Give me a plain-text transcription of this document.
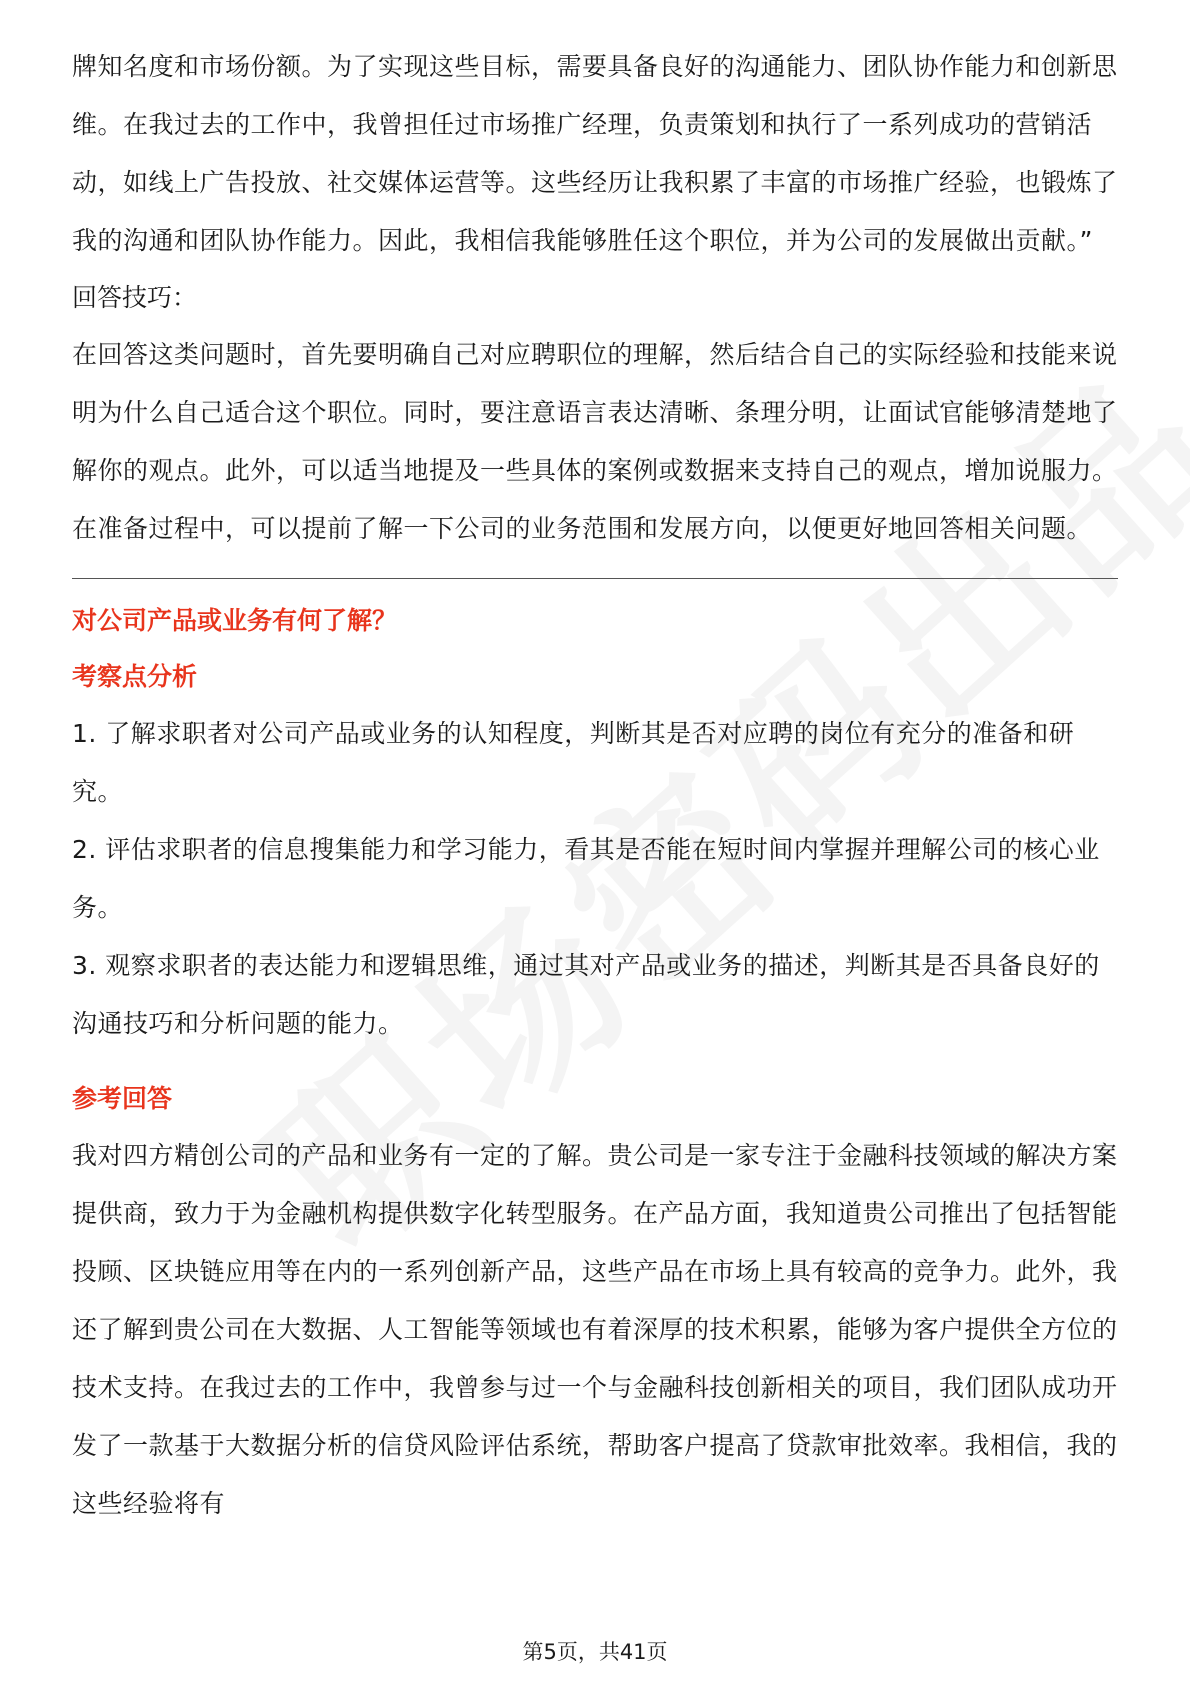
牌知名度和市场份额。为了实现这些目标，需要具备良好的沟通能力、团队协作能力和创新思维。在我过去的工作中，我曾担任过市场推广经理，负责策划和执行了一系列成功的营销活动，如线上广告投放、社交媒体运营等。这些经历让我积累了丰富的市场推广经验，也锻炼了我的沟通和团队协作能力。因此，我相信我能够胜任这个职位，并为公司的发展做出贡献。”

回答技巧：

在回答这类问题时，首先要明确自己对应聘职位的理解，然后结合自己的实际经验和技能来说明为什么自己适合这个职位。同时，要注意语言表达清晰、条理分明，让面试官能够清楚地了解你的观点。此外，可以适当地提及一些具体的案例或数据来支持自己的观点，增加说服力。在准备过程中，可以提前了解一下公司的业务范围和发展方向，以便更好地回答相关问题。

对公司产品或业务有何了解？

考察点分析

1. 了解求职者对公司产品或业务的认知程度，判断其是否对应聘的岗位有充分的准备和研究。

2. 评估求职者的信息搜集能力和学习能力，看其是否能在短时间内掌握并理解公司的核心业务。

3. 观察求职者的表达能力和逻辑思维，通过其对产品或业务的描述，判断其是否具备良好的沟通技巧和分析问题的能力。

参考回答

我对四方精创公司的产品和业务有一定的了解。贵公司是一家专注于金融科技领域的解决方案提供商，致力于为金融机构提供数字化转型服务。在产品方面，我知道贵公司推出了包括智能投顾、区块链应用等在内的一系列创新产品，这些产品在市场上具有较高的竞争力。此外，我还了解到贵公司在大数据、人工智能等领域也有着深厚的技术积累，能够为客户提供全方位的技术支持。在我过去的工作中，我曾参与过一个与金融科技创新相关的项目，我们团队成功开发了一款基于大数据分析的信贷风险评估系统，帮助客户提高了贷款审批效率。我相信，我的这些经验将有

第5页，共41页
